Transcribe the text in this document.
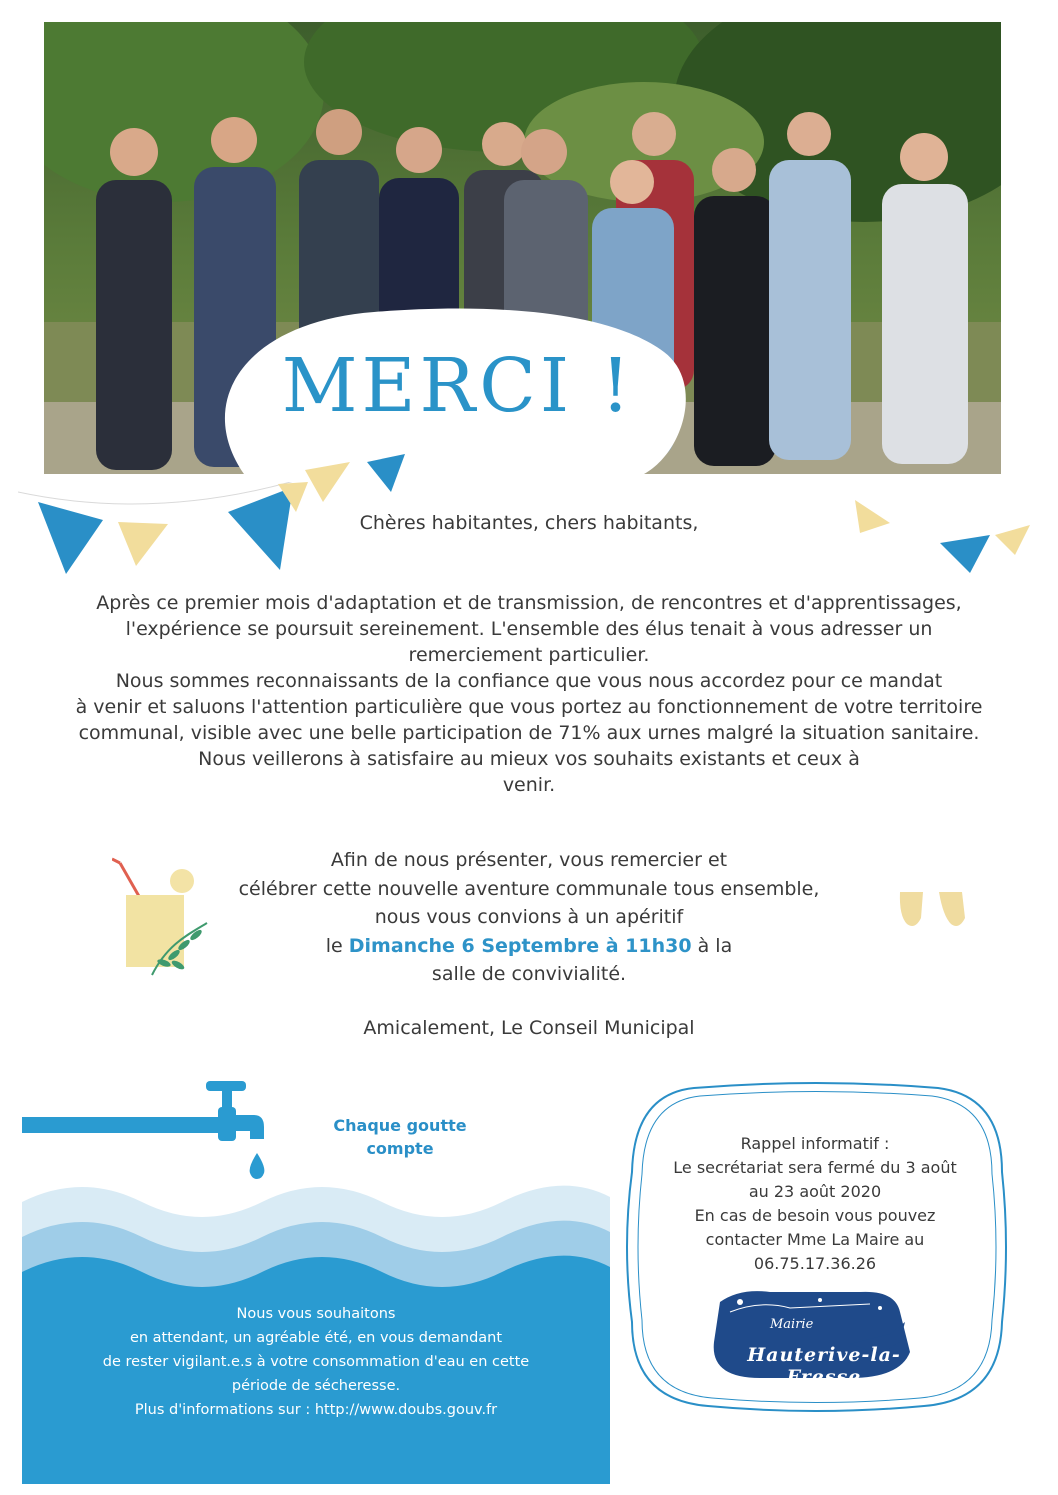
MERCI !
Chères habitantes, chers habitants,
Après ce premier mois d'adaptation et de transmission, de rencontres et d'apprentissages,
l'expérience se poursuit sereinement. L'ensemble des élus tenait à vous adresser un
remerciement particulier.
Nous sommes reconnaissants de la confiance que vous nous accordez pour ce mandat
à venir et saluons l'attention particulière que vous portez au fonctionnement de votre territoire
communal, visible avec une belle participation de 71% aux urnes malgré la situation sanitaire.
Nous veillerons à satisfaire au mieux vos souhaits existants et ceux à
venir.
Afin de nous présenter, vous remercier et
célébrer cette nouvelle aventure communale tous ensemble,
nous vous convions à un apéritif
le Dimanche 6 Septembre à 11h30 à la
salle de convivialité.
Amicalement, Le Conseil Municipal
Chaque goutte
compte
Nous vous souhaitons
en attendant, un agréable été, en vous demandant
de rester vigilant.e.s à votre consommation d'eau en cette
période de sécheresse.
Plus d'informations sur : http://www.doubs.gouv.fr
Rappel informatif :
Le secrétariat sera fermé du 3 août
au 23 août 2020
En cas de besoin vous pouvez
contacter Mme La Maire au
06.75.17.36.26
Mairie
Hauterive-la-Fresse
